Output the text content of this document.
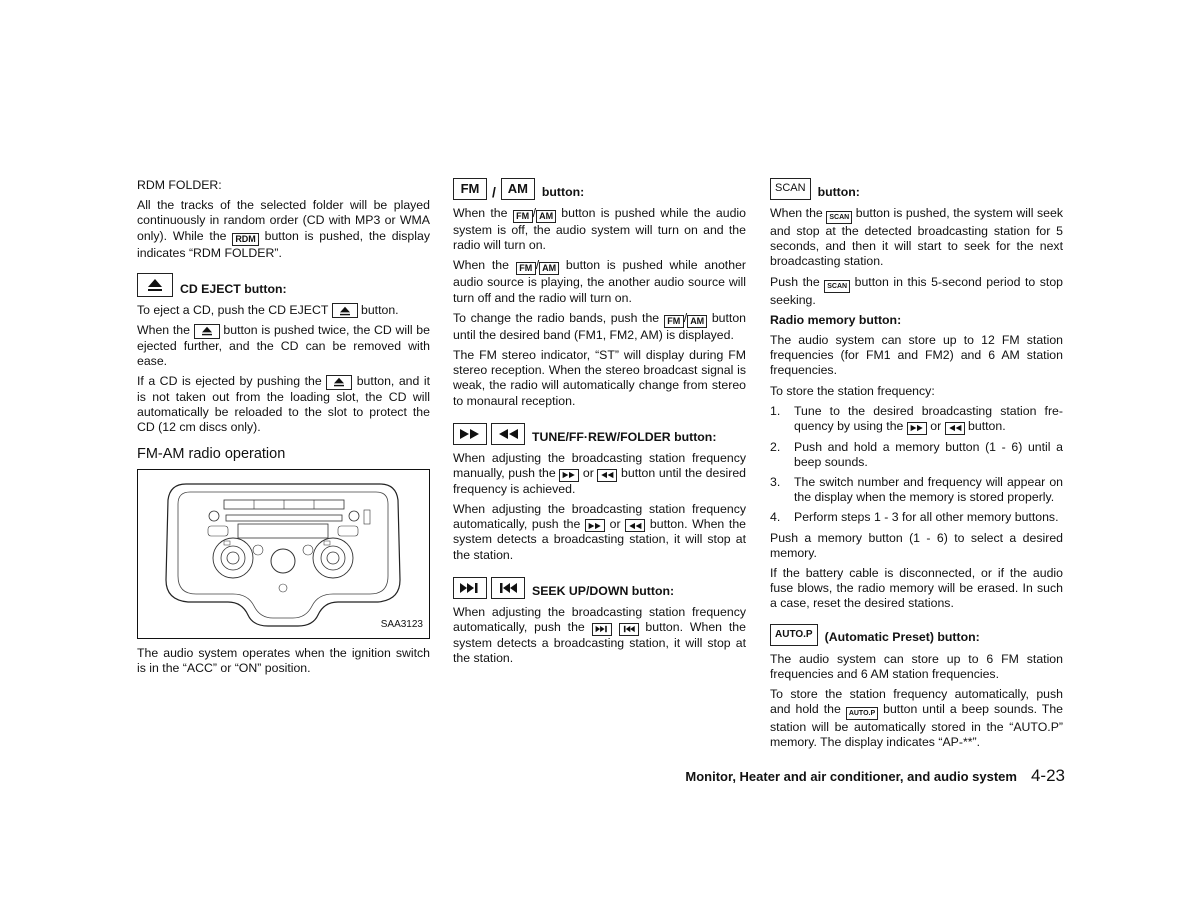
RDM FOLDER:

All the tracks of the selected folder will be played continuously in random order (CD with MP3 or WMA only). While the RDM button is pushed, the display indicates “RDM FOLDER”.

CD EJECT button:

To eject a CD, push the CD EJECT	button.

When the	button is pushed twice, the CD will be ejected further, and the CD can be removed with ease.

If a CD is ejected by pushing the	button, and it is not taken out from the loading slot, the CD will automatically be reloaded to the slot to protect the CD (12 cm discs only).

FM-AM radio operation
SAA3123

The audio system operates when the ignition switch is in the “ACC” or “ON” position.

FM / AM	button:

When the FM / AM button is pushed while the audio system is off, the audio system will turn on and the radio will turn on.

When the FM / AM button is pushed while another audio source is playing, the another audio source will turn off and the radio will turn on.

To change the radio bands, push the FM / AM button until the desired band (FM1, FM2, AM) is displayed.

The FM stereo indicator, “ST” will display during FM stereo reception. When the stereo broadcast signal is weak, the radio will automatically change from stereo to monaural reception.

TUNE/FF·REW/FOLDER button:

When adjusting the broadcasting station frequency manually, push the or button until the desired frequency is achieved.

When adjusting the broadcasting station frequency automatically, push the or button. When the system detects a broadcasting station, it will stop at the station.

SEEK UP/DOWN button:

When adjusting the broadcasting station frequency automatically, push the
	button. When the system detects a broadcasting station, it will stop at the station.

SCAN button:

When the SCAN button is pushed, the system will seek and stop at the detected broadcasting station for 5 seconds, and then it will start to seek for the next broadcasting station.

Push the SCAN button in this 5-second period to stop seeking.

Radio memory button:

The audio system can store up to 12 FM station frequencies (for FM1 and FM2) and 6 AM station frequencies.

To store the station frequency:

1. Tune to the desired broadcasting station fre-quency by using the or button.
2. Push and hold a memory button (1 - 6) until a beep sounds.
3. The switch number and frequency will appear on the display when the memory is stored properly.
4. Perform steps 1 - 3 for all other memory buttons.

Push a memory button (1 - 6) to select a desired memory.

If the battery cable is disconnected, or if the audio fuse blows, the radio memory will be erased. In such a case, reset the desired stations.

AUTO.P (Automatic Preset) button:

The audio system can store up to 6 FM station frequencies and 6 AM station frequencies.

To store the station frequency automatically, push and hold the AUTO.P button until a beep sounds. The station will be automatically stored in the “AUTO.P” memory. The display indicates “AP-**”.

Monitor, Heater and air conditioner, and audio system 4-23
